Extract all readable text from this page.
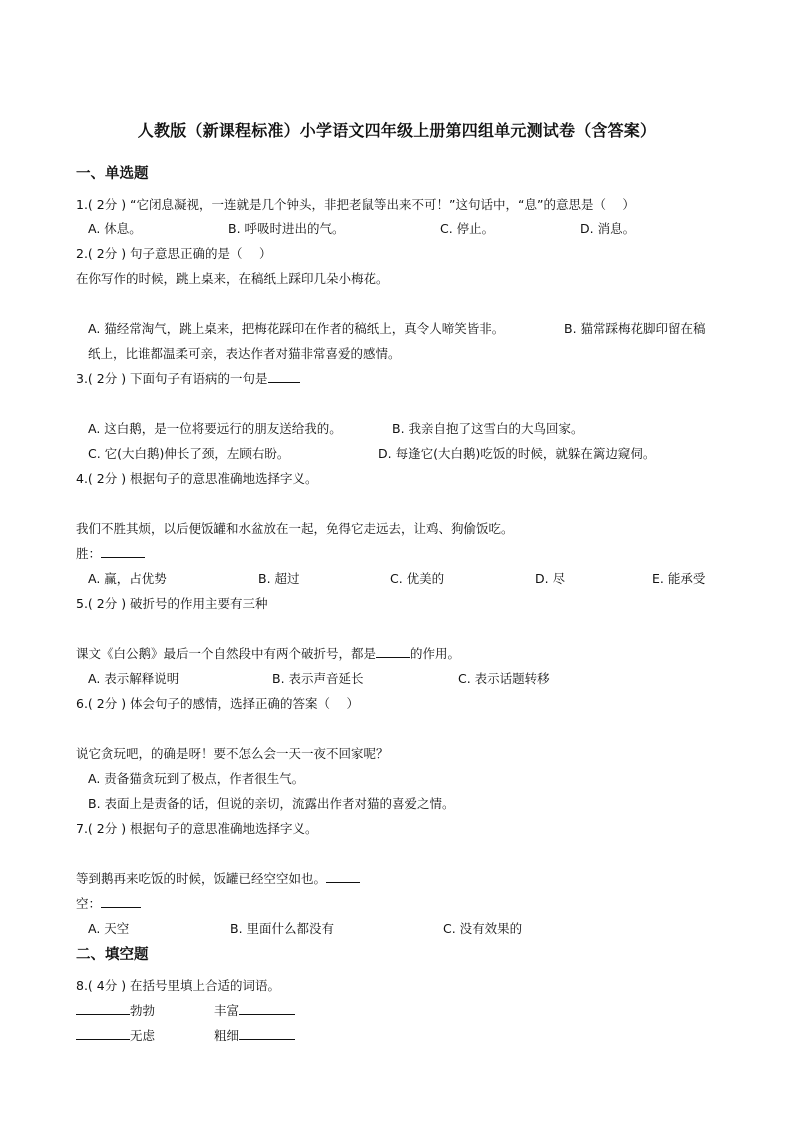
人教版（新课程标准）小学语文四年级上册第四组单元测试卷（含答案）
一、单选题
1.( 2分 ) “它闭息凝视，一连就是几个钟头，非把老鼠等出来不可！”这句话中，“息”的意思是（　 ）
A. 休息。	B. 呼吸时进出的气。	C. 停止。	D. 消息。
2.( 2分 ) 句子意思正确的是（　 ）
在你写作的时候，跳上桌来，在稿纸上踩印几朵小梅花。
A. 猫经常淘气，跳上桌来，把梅花踩印在作者的稿纸上，真令人啼笑皆非。	B. 猫常踩梅花脚印留在稿
纸上，比谁都温柔可亲，表达作者对猫非常喜爱的感情。
3.( 2分 ) 下面句子有语病的一句是
A. 这白鹅，是一位将要远行的朋友送给我的。	B. 我亲自抱了这雪白的大鸟回家。
C. 它(大白鹅)伸长了颈，左顾右盼。	D. 每逢它(大白鹅)吃饭的时候，就躲在篱边窥伺。
4.( 2分 ) 根据句子的意思准确地选择字义。
我们不胜其烦，以后便饭罐和水盆放在一起，免得它走远去，让鸡、狗偷饭吃。
胜：
A. 赢，占优势	B. 超过	C. 优美的	D. 尽	E. 能承受
5.( 2分 ) 破折号的作用主要有三种
课文《白公鹅》最后一个自然段中有两个破折号，都是	的作用。
A. 表示解释说明	B. 表示声音延长	C. 表示话题转移
6.( 2分 ) 体会句子的感情，选择正确的答案（　 ）
说它贪玩吧，的确是呀！要不怎么会一天一夜不回家呢？
A. 责备猫贪玩到了极点，作者很生气。
B. 表面上是责备的话，但说的亲切，流露出作者对猫的喜爱之情。
7.( 2分 ) 根据句子的意思准确地选择字义。
等到鹅再来吃饭的时候，饭罐已经空空如也。
空：
A. 天空	B. 里面什么都没有	C. 没有效果的
二、填空题
8.( 4分 ) 在括号里填上合适的词语。
勃勃	丰富
无虑	粗细
